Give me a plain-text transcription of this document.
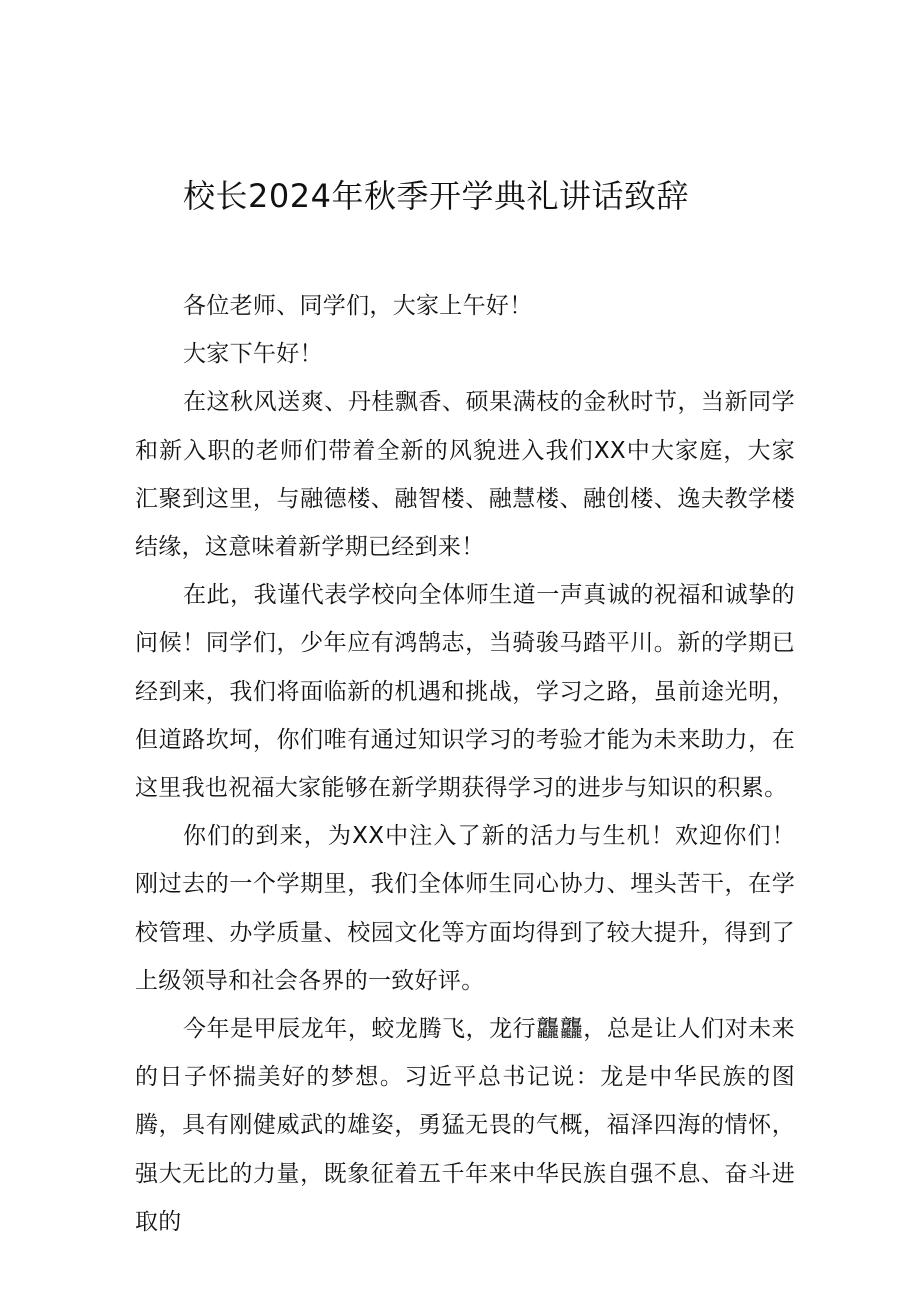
校长2024年秋季开学典礼讲话致辞

各位老师、同学们，大家上午好！

大家下午好！

在这秋风送爽、丹桂飘香、硕果满枝的金秋时节，当新同学和新入职的老师们带着全新的风貌进入我们XX中大家庭，大家汇聚到这里，与融德楼、融智楼、融慧楼、融创楼、逸夫教学楼结缘，这意味着新学期已经到来！

在此，我谨代表学校向全体师生道一声真诚的祝福和诚挚的问候！同学们，少年应有鸿鹄志，当骑骏马踏平川。新的学期已经到来，我们将面临新的机遇和挑战，学习之路，虽前途光明，但道路坎坷，你们唯有通过知识学习的考验才能为未来助力，在这里我也祝福大家能够在新学期获得学习的进步与知识的积累。

你们的到来，为XX中注入了新的活力与生机！欢迎你们！刚过去的一个学期里，我们全体师生同心协力、埋头苦干，在学校管理、办学质量、校园文化等方面均得到了较大提升，得到了上级领导和社会各界的一致好评。

今年是甲辰龙年，蛟龙腾飞，龙行龘龘，总是让人们对未来的日子怀揣美好的梦想。习近平总书记说：龙是中华民族的图腾，具有刚健威武的雄姿，勇猛无畏的气概，福泽四海的情怀，强大无比的力量，既象征着五千年来中华民族自强不息、奋斗进取的
